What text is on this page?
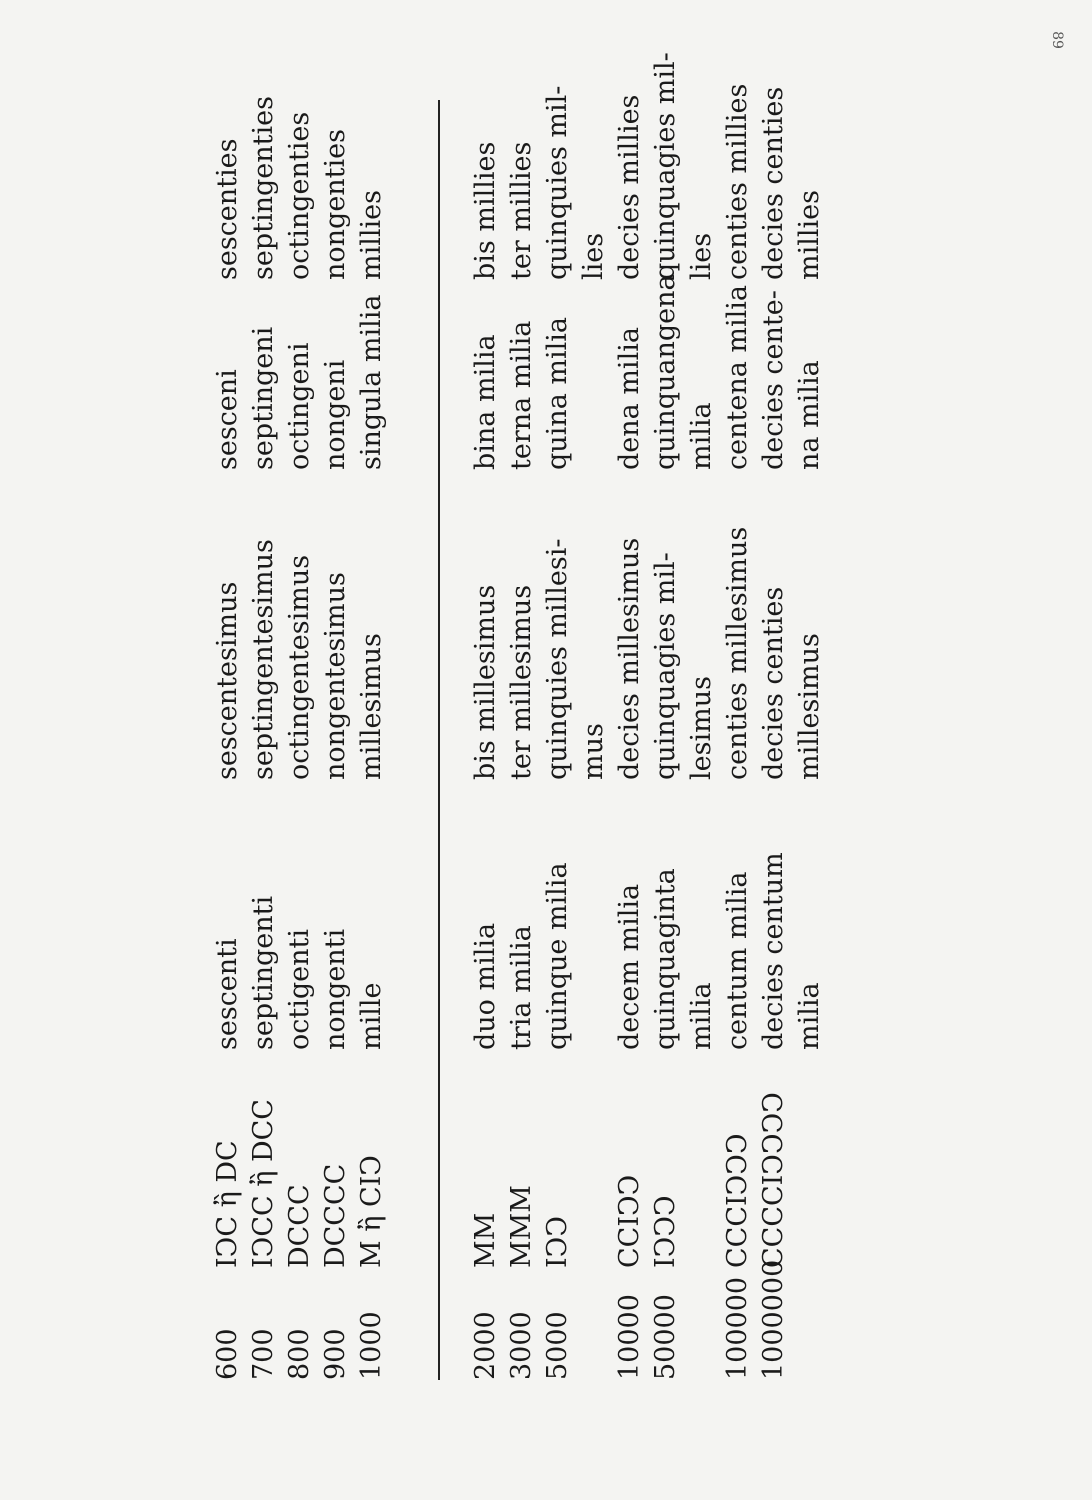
89
600
IↃC ἢ DC
sescenti
sescentesimus
sesceni
sescenties
700
IↃCC ἢ DCC
septingenti
septingentesimus
septingeni
septingenties
800
DCCC
octigenti
octingentesimus
octingeni
octingenties
900
DCCCC
nongenti
nongentesimus
nongeni
nongenties
1000
M ἢ CIↃ
mille
millesimus
singula milia
millies
2000
MM
duo milia
bis millesimus
bina milia
bis millies
3000
MMM
tria milia
ter millesimus
terna milia
ter millies
5000
IↃↃ
quinque milia
quinquies millesi- mus
quina milia
quinquies mil- lies
10000
CCIↃↃ
decem milia
decies millesimus
dena milia
decies millies
50000
IↃↃↃ
quinquaginta milia
quinquagies mil- lesimus
quinquangena milia
quinquagies mil- lies
100000
CCCIↃↃↃ
centum milia
centies millesimus
centena milia
centies millies
1000000
CCCCIↃↃↃↃ
decies centum milia
decies centies millesimus
decies cente- na milia
decies centies millies
